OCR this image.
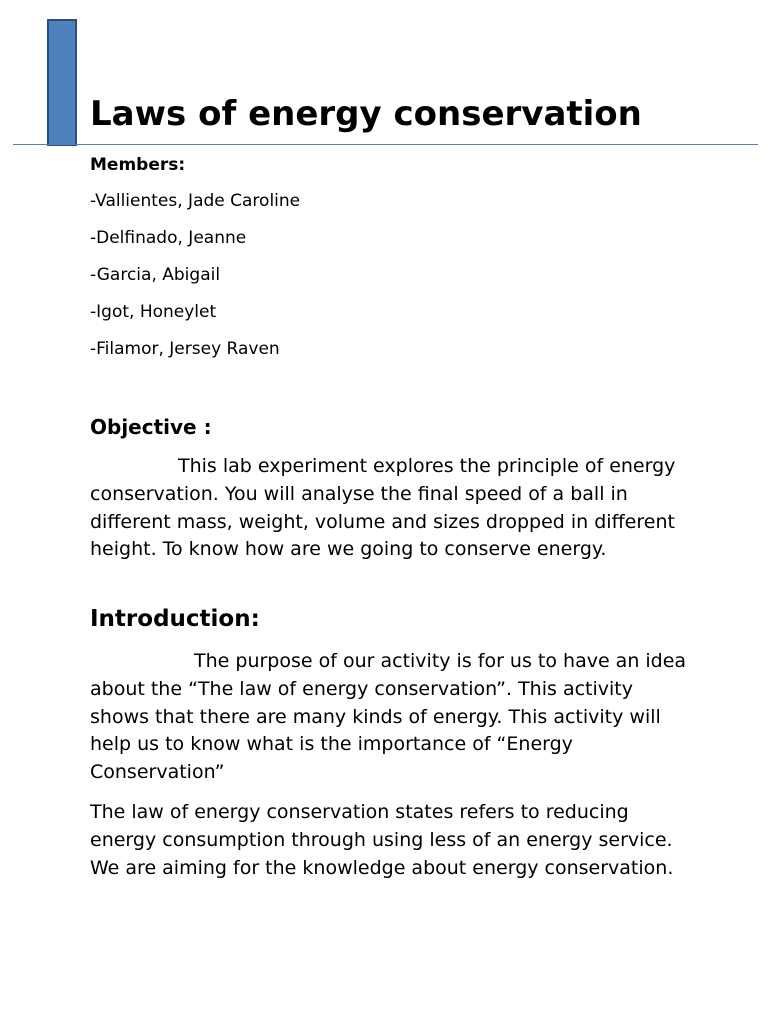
Laws of energy conservation

Members:

-Vallientes, Jade Caroline
-Delfinado, Jeanne
-Garcia, Abigail
-Igot, Honeylet
-Filamor, Jersey Raven
Objective :

This lab experiment explores the principle of energy conservation. You will analyse the final speed of a ball in different mass, weight, volume and sizes dropped in different height. To know how are we going to conserve energy.

Introduction:

The purpose of our activity is for us to have an idea about the “The law of energy conservation”. This activity shows that there are many kinds of energy. This activity will help us to know what is the importance of “Energy Conservation”

The law of energy conservation states refers to reducing energy consumption through using less of an energy service. We are aiming for the knowledge about energy conservation.
